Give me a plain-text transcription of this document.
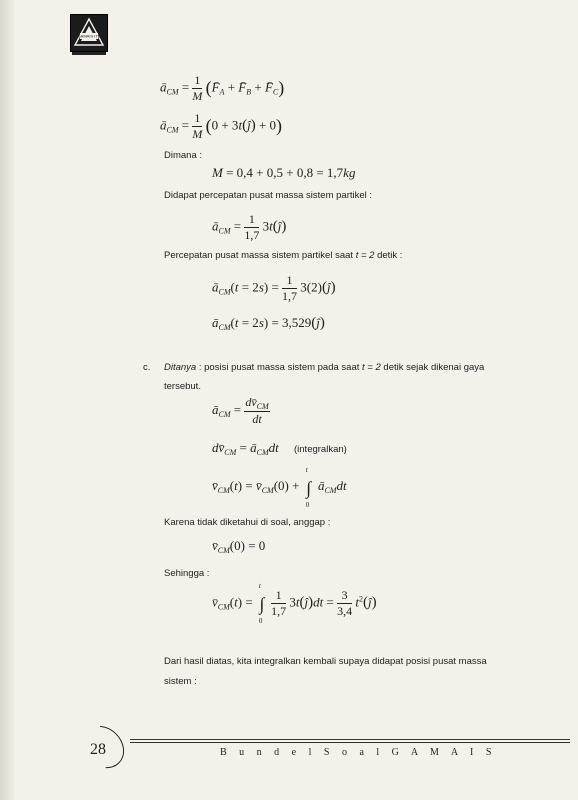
GAMAIS ITB
$ā_{CM} = \frac{1}{M}$ ($F̄_A$ + $F̄_B$ + $F̄_C$)
$ā_{CM} = \frac{1}{M} (0$ + 3t(ĵ) + 0)
Dimana :
M = 0,4 + 0,5 + 0,8 = 1,7kg
Didapat percepatan pusat massa sistem partikel :
$ā_{CM} = \frac{1}{1,7}$ 3t(ĵ)
Percepatan pusat massa sistem partikel saat t = 2 detik :
$ā_{CM}(t = 2s) = \frac{1}{1,7}$ 3(2)(ĵ)
$ā_{CM}(t = 2s)$ = 3,529(ĵ)
c. Ditanya : posisi pusat massa sistem pada saat t = 2 detik sejak dikenai gaya
tersebut.
$ā_{CM} = \frac{dv̄_{CM}}{dt}$
$dv̄_{CM}$ = $ā_{CM}dt$ (integralkan)
$v̄_{CM}(t)$ = $v̄_{CM}(0)$ +
t
∫
0
$ā_{CM}dt$
Karena tidak diketahui di soal, anggap :
$v̄_{CM}(0) = 0$
Sehingga :
$v̄_{CM}(t)$ =
t
∫
0

$\frac{1}{1,7}$ 3t(ĵ)dt = $\frac{3}{3,4}$ $t^2(ĵ)$
Dari hasil diatas, kita integralkan kembali supaya didapat posisi pusat massa
sistem :
28	B u n d e l S o a l G A M A I S
